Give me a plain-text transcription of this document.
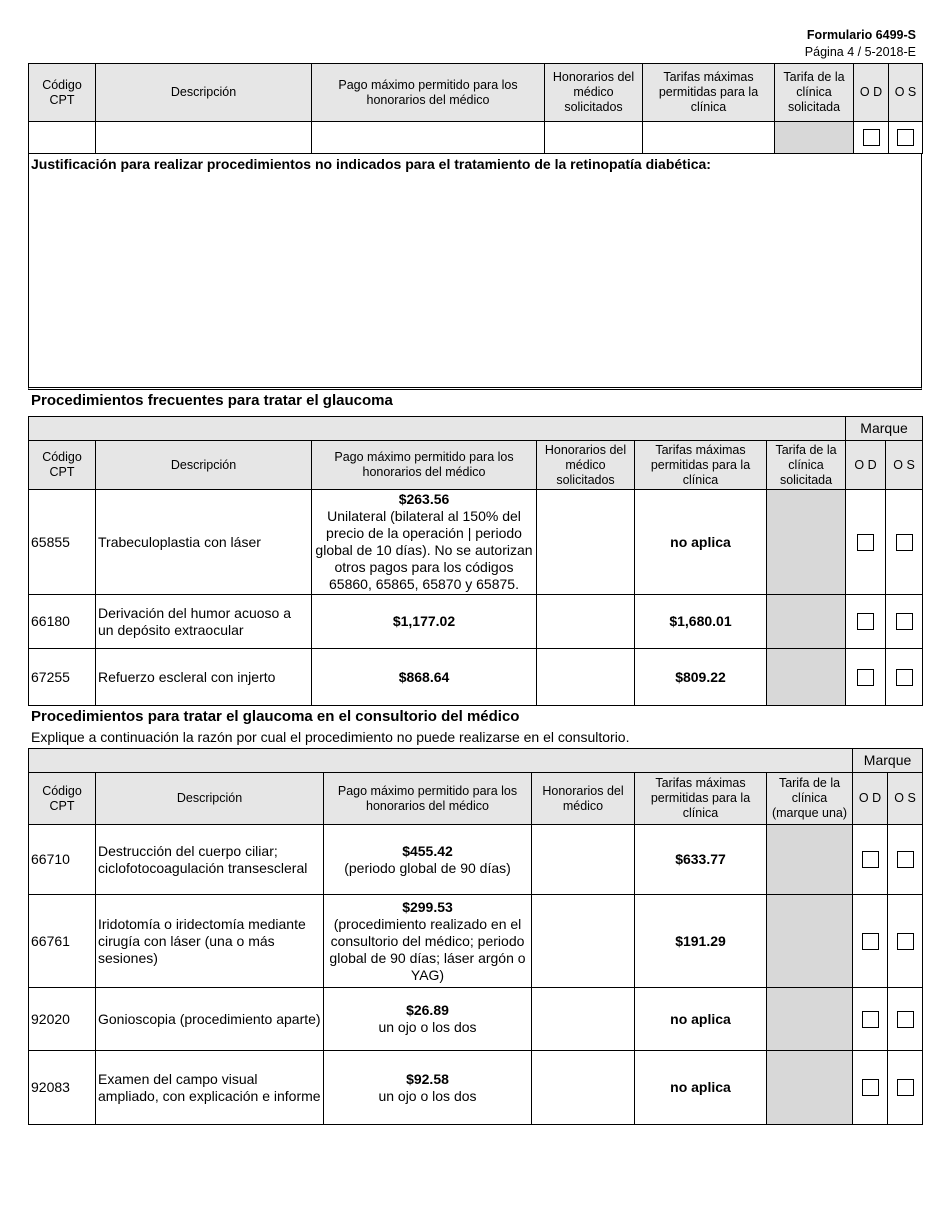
Formulario 6499-S
Página 4 / 5-2018-E
Código CPT	Descripción	Pago máximo permitido para los honorarios del médico	Honorarios del médico solicitados	Tarifas máximas permitidas para la clínica	Tarifa de la clínica solicitada	O D	O S

Justificación para realizar procedimientos no indicados para el tratamiento de la retinopatía diabética:
Procedimientos frecuentes para tratar el glaucoma
						Marque	
Código CPT	Descripción	Pago máximo permitido para los honorarios del médico	Honorarios del médico solicitados	Tarifas máximas permitidas para la clínica	Tarifa de la clínica solicitada	O D	O S
65855	Trabeculoplastia con láser	$263.56
Unilateral (bilateral al 150% del precio de la operación | periodo global de 10 días). No se autorizan otros pagos para los códigos 65860, 65865, 65870 y 65875.		no aplica			
66180	Derivación del humor acuoso a un depósito extraocular	$1,177.02		$1,680.01			
67255	Refuerzo escleral con injerto	$868.64		$809.22			
Procedimientos para tratar el glaucoma en el consultorio del médico
Explique a continuación la razón por cual el procedimiento no puede realizarse en el consultorio.
						Marque	
Código CPT	Descripción	Pago máximo permitido para los honorarios del médico	Honorarios del médico	Tarifas máximas permitidas para la clínica	Tarifa de la clínica (marque una)	O D	O S
66710	Destrucción del cuerpo ciliar; ciclofotocoagulación transescleral	$455.42
(periodo global de 90 días)		$633.77			
66761	Iridotomía o iridectomía mediante cirugía con láser (una o más sesiones)	$299.53
(procedimiento realizado en el consultorio del médico; periodo global de 90 días; láser argón o YAG)		$191.29			
92020	Gonioscopia (procedimiento aparte)	$26.89
un ojo o los dos		no aplica			
92083	Examen del campo visual ampliado, con explicación e informe	$92.58
un ojo o los dos		no aplica			
